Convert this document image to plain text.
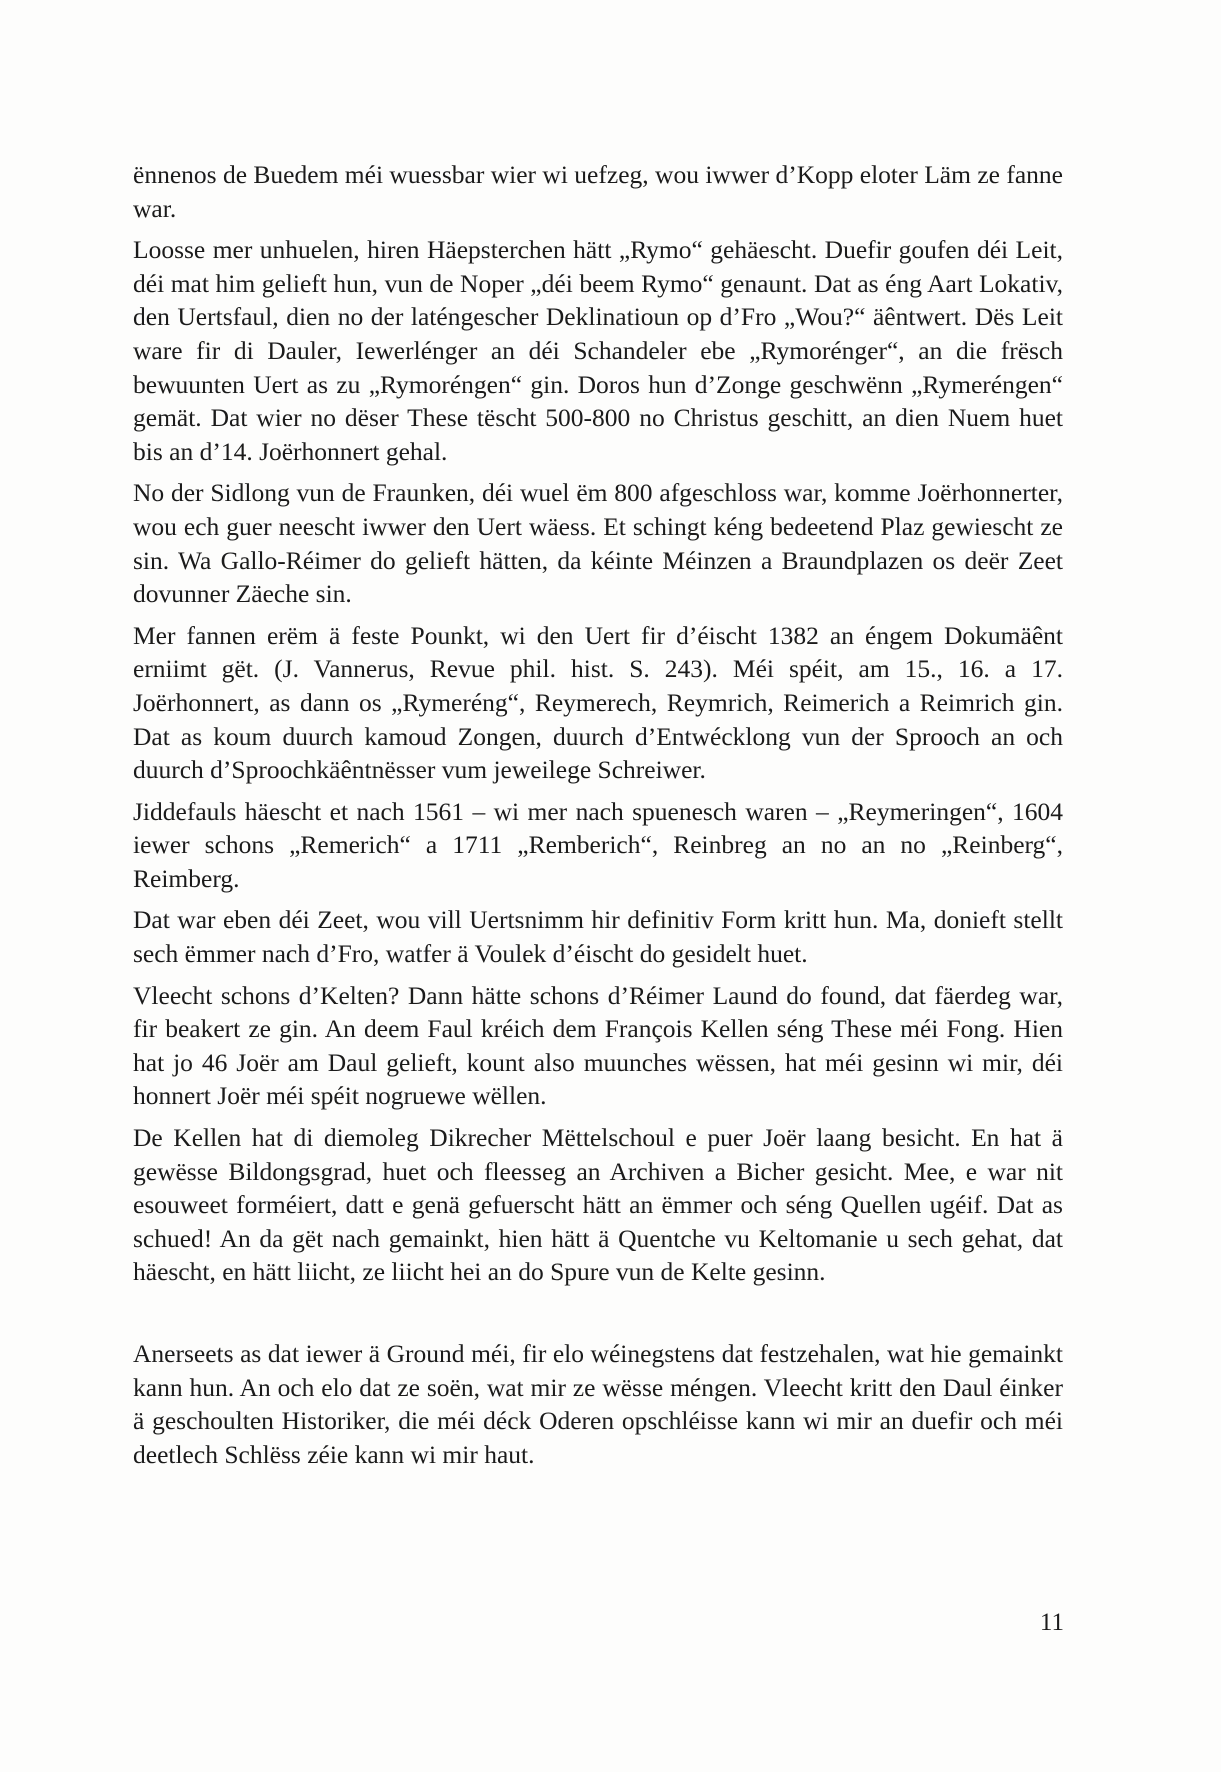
ënnenos de Buedem méi wuessbar wier wi uefzeg, wou iwwer d’Kopp eloter Läm ze fanne war.

Loosse mer unhuelen, hiren Häepsterchen hätt „Rymo“ gehäescht. Duefir goufen déi Leit, déi mat him gelieft hun, vun de Noper „déi beem Rymo“ genaunt. Dat as éng Aart Lokativ, den Uertsfaul, dien no der laténgescher Deklinatioun op d’Fro „Wou?“ äêntwert. Dës Leit ware fir di Dauler, Iewerlénger an déi Schandeler ebe „Rymorénger“, an die frësch bewuunten Uert as zu „Rymoréngen“ gin. Doros hun d’Zonge geschwënn „Rymeréngen“ gemät. Dat wier no dëser These tëscht 500-800 no Christus geschitt, an dien Nuem huet bis an d’14. Joërhonnert gehal.

No der Sidlong vun de Fraunken, déi wuel ëm 800 afgeschloss war, komme Joërhonnerter, wou ech guer neescht iwwer den Uert wäess. Et schingt kéng bedeetend Plaz gewiescht ze sin. Wa Gallo-Réimer do gelieft hätten, da kéinte Méinzen a Braundplazen os deër Zeet dovunner Zäeche sin.

Mer fannen erëm ä feste Pounkt, wi den Uert fir d’éischt 1382 an éngem Dokumäênt erniimt gët. (J. Vannerus, Revue phil. hist. S. 243). Méi spéit, am 15., 16. a 17. Joërhonnert, as dann os „Rymeréng“, Reymerech, Reymrich, Reimerich a Reimrich gin. Dat as koum duurch kamoud Zongen, duurch d’Entwécklong vun der Sprooch an och duurch d’Sproochkäêntnësser vum jeweilege Schreiwer.

Jiddefauls häescht et nach 1561 – wi mer nach spuenesch waren – „Reymeringen“, 1604 iewer schons „Remerich“ a 1711 „Remberich“, Reinbreg an no an no „Reinberg“, Reimberg.

Dat war eben déi Zeet, wou vill Uertsnimm hir definitiv Form kritt hun. Ma, donieft stellt sech ëmmer nach d’Fro, watfer ä Voulek d’éischt do gesidelt huet.

Vleecht schons d’Kelten? Dann hätte schons d’Réimer Laund do found, dat fäerdeg war, fir beakert ze gin. An deem Faul kréich dem François Kellen séng These méi Fong. Hien hat jo 46 Joër am Daul gelieft, kount also muunches wëssen, hat méi gesinn wi mir, déi honnert Joër méi spéit nogruewe wëllen.

De Kellen hat di diemoleg Dikrecher Mëttelschoul e puer Joër laang besicht. En hat ä gewësse Bildongsgrad, huet och fleesseg an Archiven a Bicher gesicht. Mee, e war nit esouweet forméiert, datt e genä gefuerscht hätt an ëmmer och séng Quellen ugéif. Dat as schued! An da gët nach gemainkt, hien hätt ä Quentche vu Keltomanie u sech gehat, dat häescht, en hätt liicht, ze liicht hei an do Spure vun de Kelte gesinn.

Anerseets as dat iewer ä Ground méi, fir elo wéinegstens dat festzehalen, wat hie gemainkt kann hun. An och elo dat ze soën, wat mir ze wësse méngen. Vleecht kritt den Daul éinker ä geschoulten Historiker, die méi déck Oderen opschléisse kann wi mir an duefir och méi deetlech Schlëss zéie kann wi mir haut.

11
